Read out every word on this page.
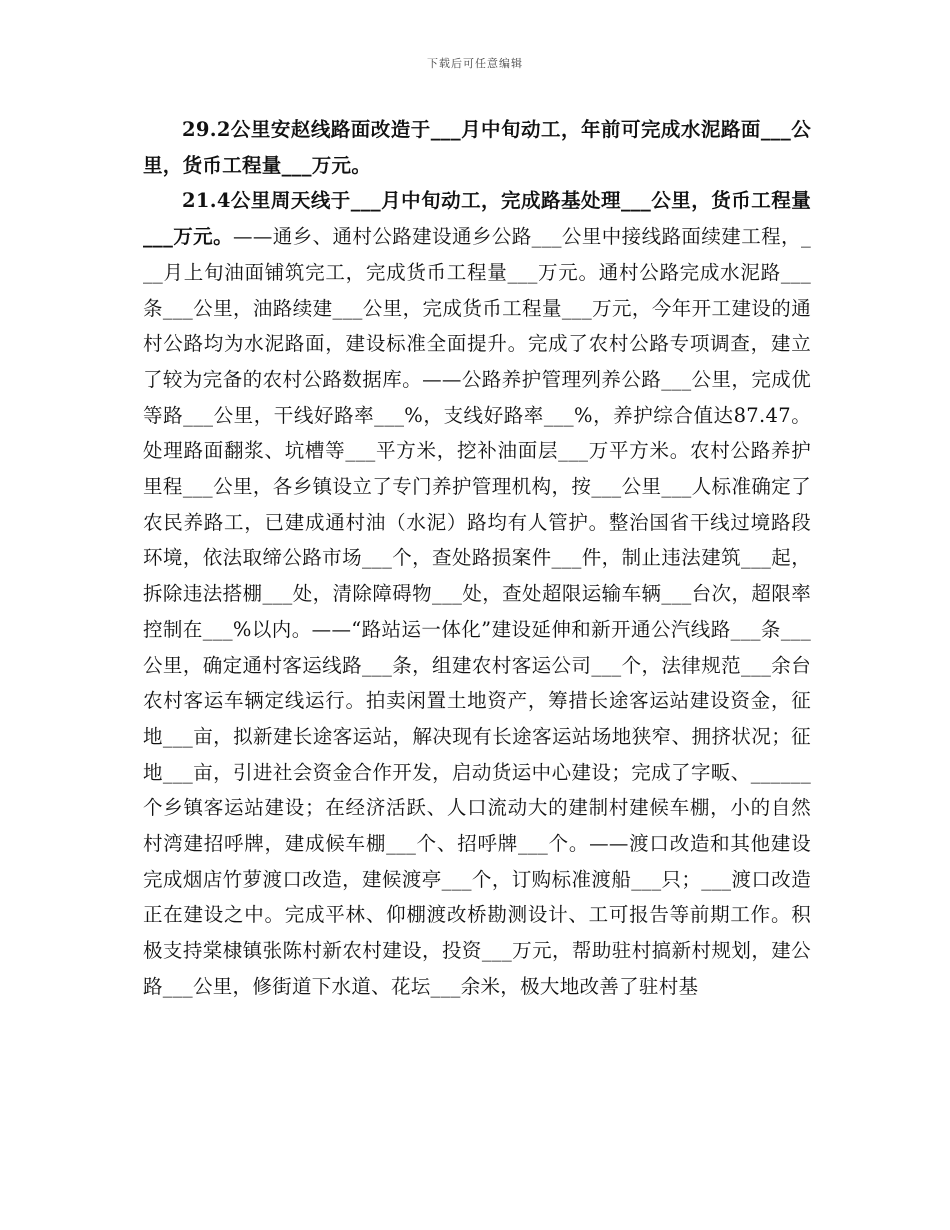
下载后可任意编辑

29.2公里安赵线路面改造于___月中旬动工，年前可完成水泥路面___公里，货币工程量___万元。

21.4公里周天线于___月中旬动工，完成路基处理___公里，货币工程量___万元。——通乡、通村公路建设通乡公路___公里中接线路面续建工程，___月上旬油面铺筑完工，完成货币工程量___万元。通村公路完成水泥路___条___公里，油路续建___公里，完成货币工程量___万元，今年开工建设的通村公路均为水泥路面，建设标准全面提升。完成了农村公路专项调查，建立了较为完备的农村公路数据库。——公路养护管理列养公路___公里，完成优等路___公里，干线好路率___%，支线好路率___%，养护综合值达87.47。处理路面翻浆、坑槽等___平方米，挖补油面层___万平方米。农村公路养护里程___公里，各乡镇设立了专门养护管理机构，按___公里___人标准确定了农民养路工，已建成通村油（水泥）路均有人管护。整治国省干线过境路段环境，依法取缔公路市场___个，查处路损案件___件，制止违法建筑___起，拆除违法搭棚___处，清除障碍物___处，查处超限运输车辆___台次，超限率控制在___%以内。——“路站运一体化”建设延伸和新开通公汽线路___条___公里，确定通村客运线路___条，组建农村客运公司___个，法律规范___余台农村客运车辆定线运行。拍卖闲置土地资产，筹措长途客运站建设资金，征地___亩，拟新建长途客运站，解决现有长途客运站场地狭窄、拥挤状况；征地___亩，引进社会资金合作开发，启动货运中心建设；完成了字畈、______个乡镇客运站建设；在经济活跃、人口流动大的建制村建候车棚，小的自然村湾建招呼牌，建成候车棚___个、招呼牌___个。——渡口改造和其他建设完成烟店竹萝渡口改造，建候渡亭___个，订购标准渡船___只；___渡口改造正在建设之中。完成平林、仰棚渡改桥勘测设计、工可报告等前期工作。积极支持棠棣镇张陈村新农村建设，投资___万元，帮助驻村搞新村规划，建公路___公里，修街道下水道、花坛___余米，极大地改善了驻村基
